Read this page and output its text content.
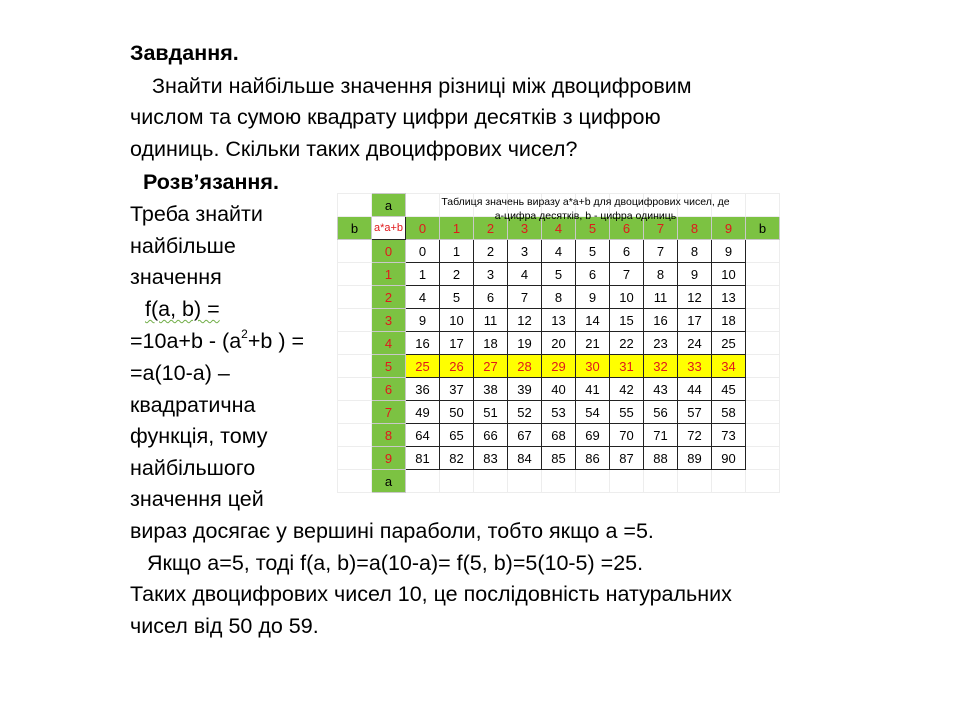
Завдання.
Знайти найбільше значення різниці між двоцифровим
числом та сумою квадрату цифри десятків з цифрою
одиниць. Скільки таких двоцифрових чисел?
Розв’язання.
Треба знайти
найбільше
значення
f(a, b) =
$=10a+b - (a^2+b$ ) =
=a(10-a) –
квадратична
функція, тому
найбільшого
значення цей
вираз досягає у вершині параболи, тобто якщо a =5.
Якщо a=5, тоді f(a, b)=a(10-a)= f(5, b)=5(10-5) =25.
Таких двоцифрових чисел 10, це послідовність натуральних
чисел від 50 до 59.
	a											
b	a*a+b	0	1	2	3	4	5	6	7	8	9	b
	0	0	1	2	3	4	5	6	7	8	9	
	1	1	2	3	4	5	6	7	8	9	10	
	2	4	5	6	7	8	9	10	11	12	13	
	3	9	10	11	12	13	14	15	16	17	18	
	4	16	17	18	19	20	21	22	23	24	25	
	5	25	26	27	28	29	30	31	32	33	34	
	6	36	37	38	39	40	41	42	43	44	45	
	7	49	50	51	52	53	54	55	56	57	58	
	8	64	65	66	67	68	69	70	71	72	73	
	9	81	82	83	84	85	86	87	88	89	90	
	a											
Таблиця значень виразу a*a+b для двоцифрових чисел, де
a-цифра десятків, b - цифра одиниць
